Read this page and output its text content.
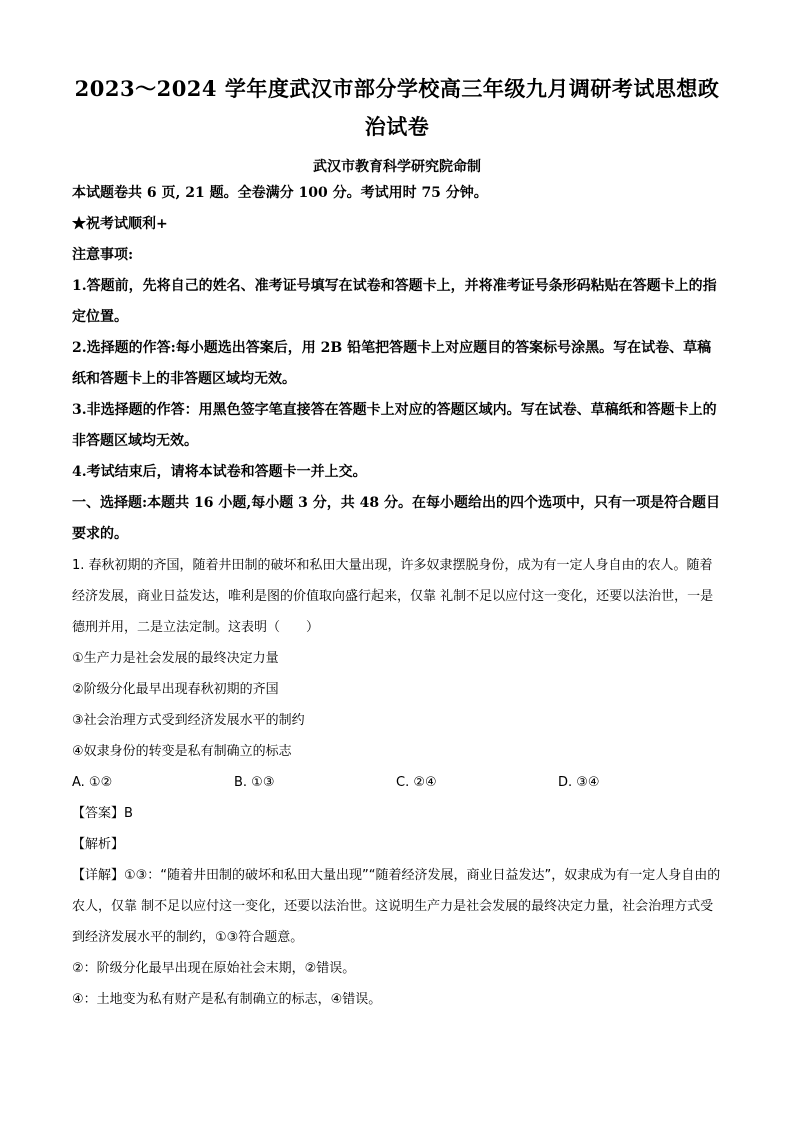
2023～2024 学年度武汉市部分学校高三年级九月调研考试思想政治试卷
武汉市教育科学研究院命制
本试题卷共 6 页, 21 题。全卷满分 100 分。考试用时 75 分钟。
★祝考试顺利+

注意事项:

1.答题前，先将自己的姓名、准考证号填写在试卷和答题卡上，并将准考证号条形码粘贴在答题卡上的指定位置。

2.选择题的作答:每小题选出答案后，用 2B 铅笔把答题卡上对应题目的答案标号涂黑。写在试卷、草稿纸和答题卡上的非答题区域均无效。

3.非选择题的作答：用黑色签字笔直接答在答题卡上对应的答题区域内。写在试卷、草稿纸和答题卡上的非答题区域均无效。

4.考试结束后，请将本试卷和答题卡一并上交。

一、选择题:本题共 16 小题,每小题 3 分，共 48 分。在每小题给出的四个选项中，只有一项是符合题目要求的。

1. 春秋初期的齐国，随着井田制的破坏和私田大量出现，许多奴隶摆脱身份，成为有一定人身自由的农人。随着经济发展，商业日益发达，唯利是图的价值取向盛行起来，仅靠 礼制不足以应付这一变化，还要以法治世，一是德刑并用，二是立法定制。这表明（　　）

①生产力是社会发展的最终决定力量
②阶级分化最早出现春秋初期的齐国
③社会治理方式受到经济发展水平的制约
④奴隶身份的转变是私有制确立的标志
A. ①②	B. ①③	C. ②④	D. ③④
【答案】B
【解析】

【详解】①③：“随着井田制的破坏和私田大量出现”“随着经济发展，商业日益发达”，奴隶成为有一定人身自由的农人，仅靠 制不足以应付这一变化，还要以法治世。这说明生产力是社会发展的最终决定力量，社会治理方式受到经济发展水平的制约，①③符合题意。

②：阶级分化最早出现在原始社会末期，②错误。

④：土地变为私有财产是私有制确立的标志，④错误。
